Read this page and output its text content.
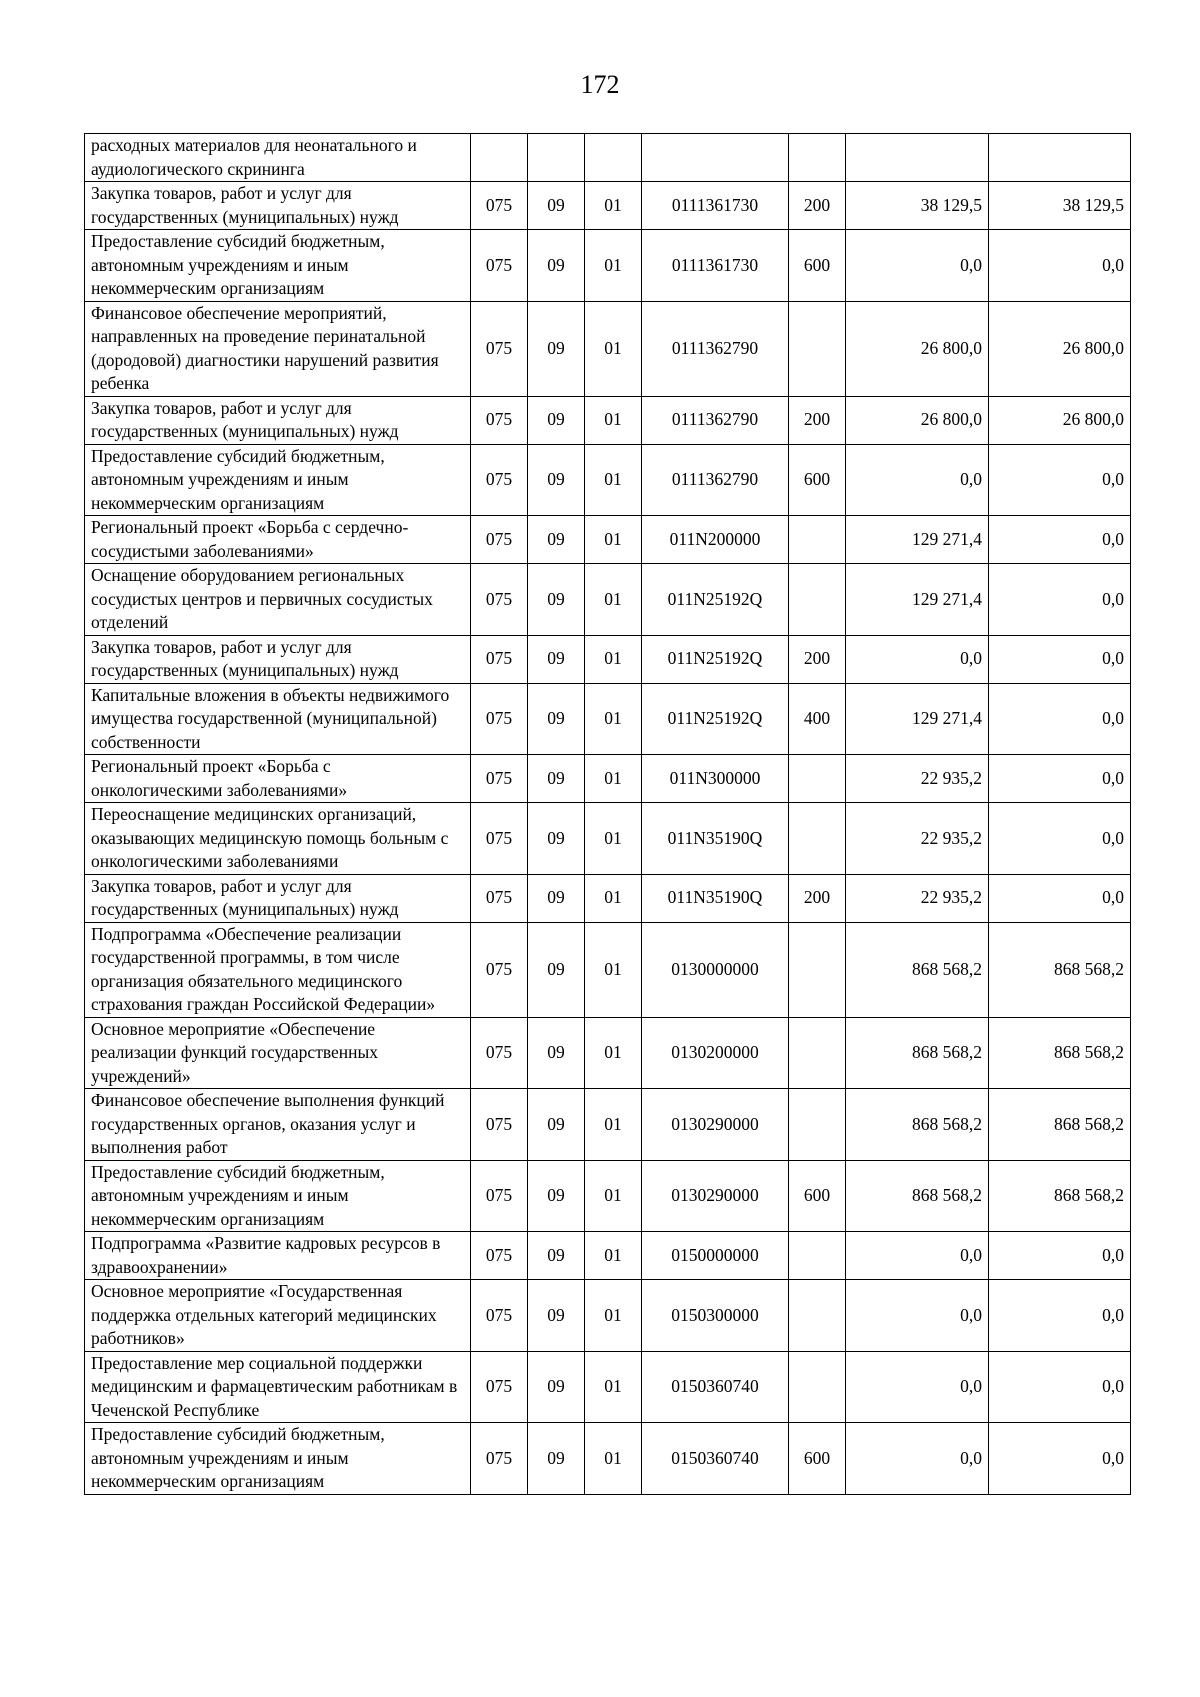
172
расходных материалов для неонатального и аудиологического скрининга							
Закупка товаров, работ и услуг для государственных (муниципальных) нужд	075	09	01	0111361730	200	38 129,5	38 129,5
Предоставление субсидий бюджетным, автономным учреждениям и иным некоммерческим организациям	075	09	01	0111361730	600	0,0	0,0
Финансовое обеспечение мероприятий, направленных на проведение перинатальной (дородовой) диагностики нарушений развития ребенка	075	09	01	0111362790		26 800,0	26 800,0
Закупка товаров, работ и услуг для государственных (муниципальных) нужд	075	09	01	0111362790	200	26 800,0	26 800,0
Предоставление субсидий бюджетным, автономным учреждениям и иным некоммерческим организациям	075	09	01	0111362790	600	0,0	0,0
Региональный проект «Борьба с сердечно-сосудистыми заболеваниями»	075	09	01	011N200000		129 271,4	0,0
Оснащение оборудованием региональных сосудистых центров и первичных сосудистых отделений	075	09	01	011N25192Q		129 271,4	0,0
Закупка товаров, работ и услуг для государственных (муниципальных) нужд	075	09	01	011N25192Q	200	0,0	0,0
Капитальные вложения в объекты недвижимого имущества государственной (муниципальной) собственности	075	09	01	011N25192Q	400	129 271,4	0,0
Региональный проект «Борьба с онкологическими заболеваниями»	075	09	01	011N300000		22 935,2	0,0
Переоснащение медицинских организаций, оказывающих медицинскую помощь больным с онкологическими заболеваниями	075	09	01	011N35190Q		22 935,2	0,0
Закупка товаров, работ и услуг для государственных (муниципальных) нужд	075	09	01	011N35190Q	200	22 935,2	0,0
Подпрограмма «Обеспечение реализации государственной программы, в том числе организация обязательного медицинского страхования граждан Российской Федерации»	075	09	01	0130000000		868 568,2	868 568,2
Основное мероприятие «Обеспечение реализации функций государственных учреждений»	075	09	01	0130200000		868 568,2	868 568,2
Финансовое обеспечение выполнения функций государственных органов, оказания услуг и выполнения работ	075	09	01	0130290000		868 568,2	868 568,2
Предоставление субсидий бюджетным, автономным учреждениям и иным некоммерческим организациям	075	09	01	0130290000	600	868 568,2	868 568,2
Подпрограмма «Развитие кадровых ресурсов в здравоохранении»	075	09	01	0150000000		0,0	0,0
Основное мероприятие «Государственная поддержка отдельных категорий медицинских работников»	075	09	01	0150300000		0,0	0,0
Предоставление мер социальной поддержки медицинским и фармацевтическим работникам в Чеченской Республике	075	09	01	0150360740		0,0	0,0
Предоставление субсидий бюджетным, автономным учреждениям и иным некоммерческим организациям	075	09	01	0150360740	600	0,0	0,0
